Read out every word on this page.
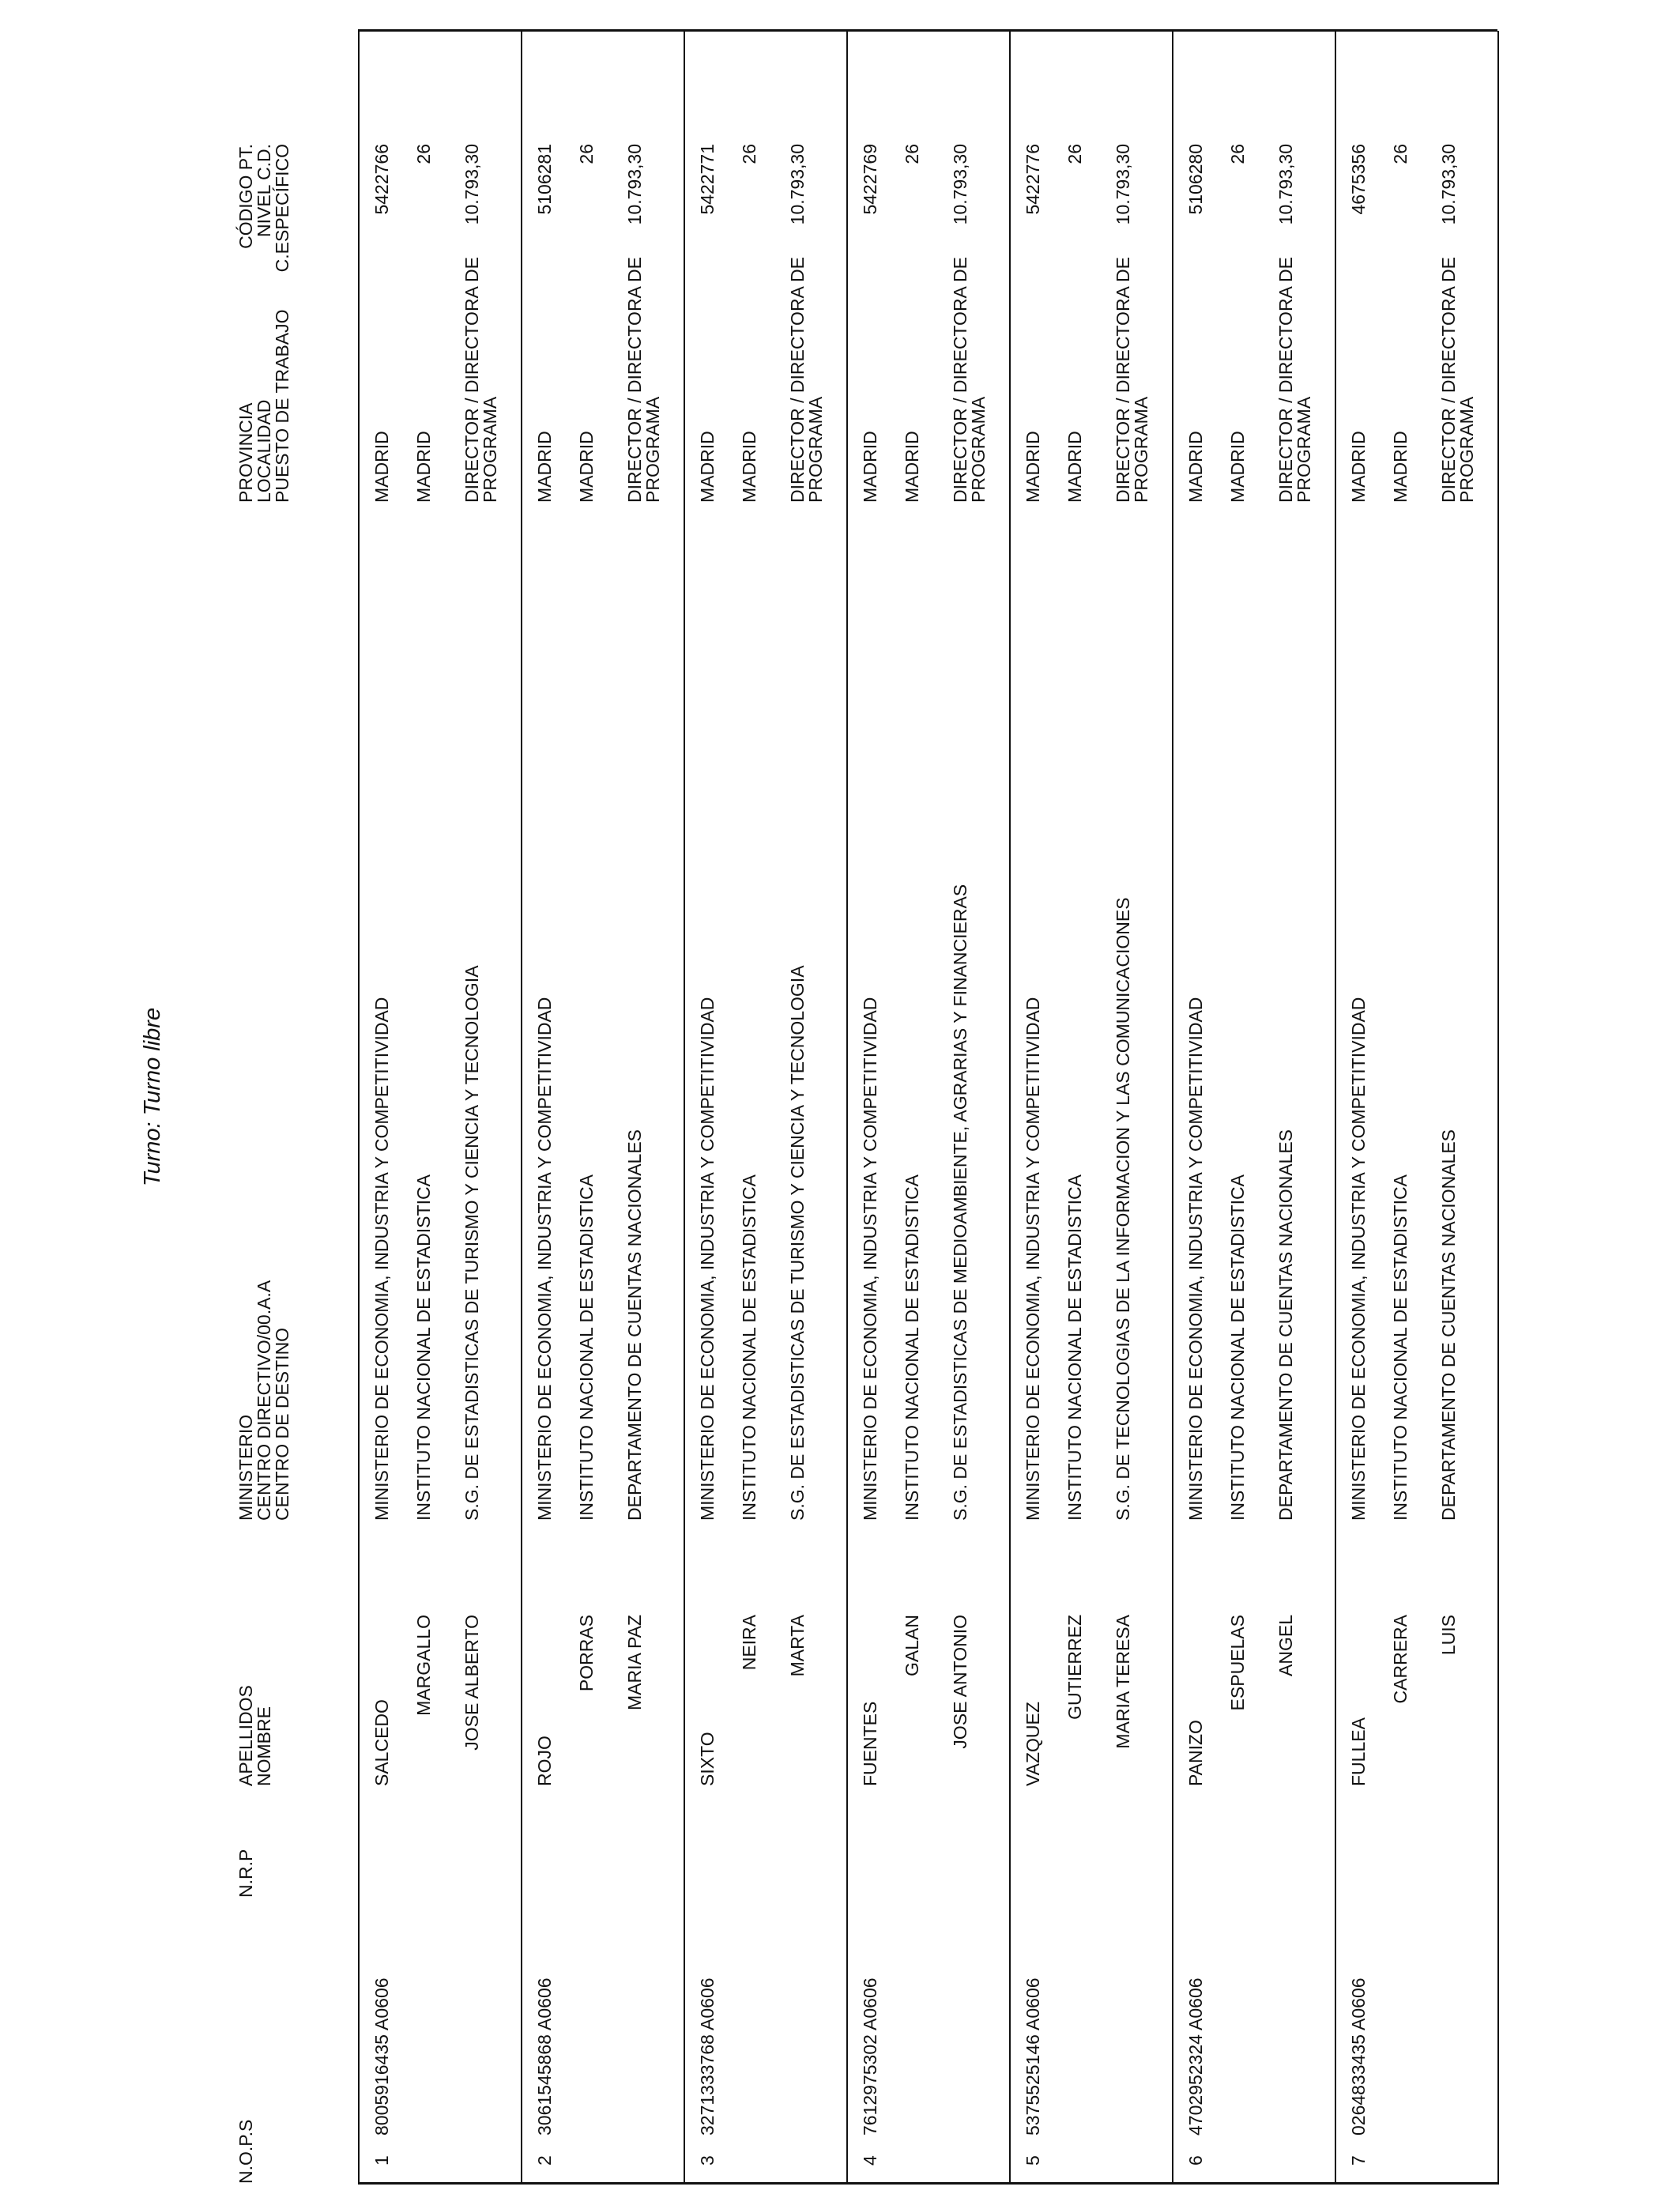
Turno: Turno libre
N.O.P.S
N.R.P
APELLIDOS
NOMBRE
MINISTERIO
CENTRO DIRECTIVO/00.A.A
CENTRO DE DESTINO
PROVINCIA
LOCALIDAD
PUESTO DE TRABAJO
CÓDIGO PT.
NIVEL C.D.
C.ESPECÍFICO
1
8005916435 A0606
SALCEDO
MARGALLO JOSE ALBERTO
MINISTERIO DE ECONOMIA, INDUSTRIA Y COMPETITIVIDAD INSTITUTO NACIONAL DE ESTADISTICA S.G. DE ESTADISTICAS DE TURISMO Y CIENCIA Y TECNOLOGIA
MADRID MADRID DIRECTOR / DIRECTORA DE
PROGRAMA
5422766 26 10.793,30
2
3061545868 A0606
ROJO
PORRAS MARIA PAZ
MINISTERIO DE ECONOMIA, INDUSTRIA Y COMPETITIVIDAD INSTITUTO NACIONAL DE ESTADISTICA DEPARTAMENTO DE CUENTAS NACIONALES
MADRID MADRID DIRECTOR / DIRECTORA DE
PROGRAMA
5106281 26 10.793,30
3
3271333768 A0606
SIXTO
NEIRA MARTA
MINISTERIO DE ECONOMIA, INDUSTRIA Y COMPETITIVIDAD INSTITUTO NACIONAL DE ESTADISTICA S.G. DE ESTADISTICAS DE TURISMO Y CIENCIA Y TECNOLOGIA
MADRID MADRID DIRECTOR / DIRECTORA DE
PROGRAMA
5422771 26 10.793,30
4
7612975302 A0606
FUENTES
GALAN JOSE ANTONIO
MINISTERIO DE ECONOMIA, INDUSTRIA Y COMPETITIVIDAD INSTITUTO NACIONAL DE ESTADISTICA S.G. DE ESTADISTICAS DE MEDIOAMBIENTE, AGRARIAS Y FINANCIERAS
MADRID MADRID DIRECTOR / DIRECTORA DE
PROGRAMA
5422769 26 10.793,30
5
5375525146 A0606
VAZQUEZ
GUTIERREZ MARIA TERESA
MINISTERIO DE ECONOMIA, INDUSTRIA Y COMPETITIVIDAD INSTITUTO NACIONAL DE ESTADISTICA S.G. DE TECNOLOGIAS DE LA INFORMACION Y LAS COMUNICACIONES
MADRID MADRID DIRECTOR / DIRECTORA DE
PROGRAMA
5422776 26 10.793,30
6
4702952324 A0606
PANIZO
ESPUELAS ANGEL
MINISTERIO DE ECONOMIA, INDUSTRIA Y COMPETITIVIDAD INSTITUTO NACIONAL DE ESTADISTICA DEPARTAMENTO DE CUENTAS NACIONALES
MADRID MADRID DIRECTOR / DIRECTORA DE
PROGRAMA
5106280 26 10.793,30
7
0264833435 A0606
FULLEA
CARRERA LUIS
MINISTERIO DE ECONOMIA, INDUSTRIA Y COMPETITIVIDAD INSTITUTO NACIONAL DE ESTADISTICA DEPARTAMENTO DE CUENTAS NACIONALES
MADRID MADRID DIRECTOR / DIRECTORA DE
PROGRAMA
4675356 26 10.793,30
